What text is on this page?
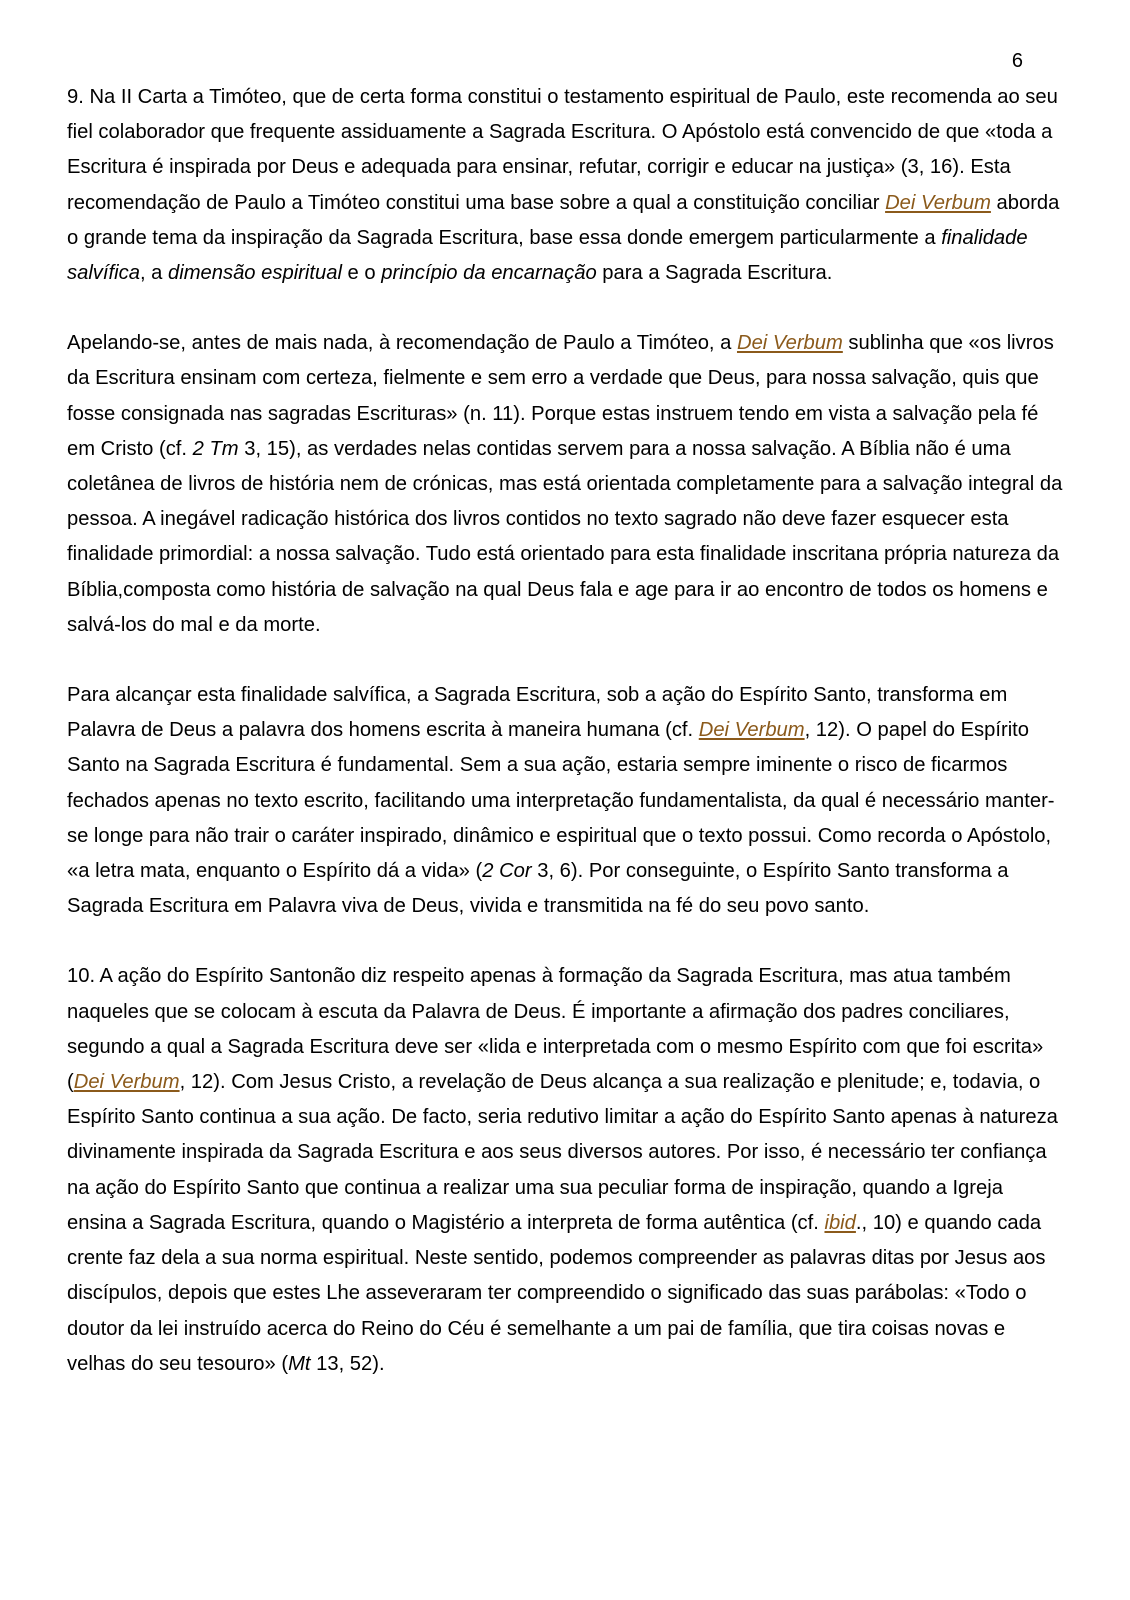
6

9. Na II Carta a Timóteo, que de certa forma constitui o testamento espiritual de Paulo, este recomenda ao seu fiel colaborador que frequente assiduamente a Sagrada Escritura. O Apóstolo está convencido de que «toda a Escritura é inspirada por Deus e adequada para ensinar, refutar, corrigir e educar na justiça» (3, 16). Esta recomendação de Paulo a Timóteo constitui uma base sobre a qual a constituição conciliar Dei Verbum aborda o grande tema da inspiração da Sagrada Escritura, base essa donde emergem particularmente a finalidade salvífica, a dimensão espiritual e o princípio da encarnação para a Sagrada Escritura.

Apelando-se, antes de mais nada, à recomendação de Paulo a Timóteo, a Dei Verbum sublinha que «os livros da Escritura ensinam com certeza, fielmente e sem erro a verdade que Deus, para nossa salvação, quis que fosse consignada nas sagradas Escrituras» (n. 11). Porque estas instruem tendo em vista a salvação pela fé em Cristo (cf. 2 Tm 3, 15), as verdades nelas contidas servem para a nossa salvação. A Bíblia não é uma coletânea de livros de história nem de crónicas, mas está orientada completamente para a salvação integral da pessoa. A inegável radicação histórica dos livros contidos no texto sagrado não deve fazer esquecer esta finalidade primordial: a nossa salvação. Tudo está orientado para esta finalidade inscritana própria natureza da Bíblia,composta como história de salvação na qual Deus fala e age para ir ao encontro de todos os homens e salvá-los do mal e da morte.

Para alcançar esta finalidade salvífica, a Sagrada Escritura, sob a ação do Espírito Santo, transforma em Palavra de Deus a palavra dos homens escrita à maneira humana (cf. Dei Verbum, 12). O papel do Espírito Santo na Sagrada Escritura é fundamental. Sem a sua ação, estaria sempre iminente o risco de ficarmos fechados apenas no texto escrito, facilitando uma interpretação fundamentalista, da qual é necessário manter-se longe para não trair o caráter inspirado, dinâmico e espiritual que o texto possui. Como recorda o Apóstolo, «a letra mata, enquanto o Espírito dá a vida» (2 Cor 3, 6). Por conseguinte, o Espírito Santo transforma a Sagrada Escritura em Palavra viva de Deus, vivida e transmitida na fé do seu povo santo.

10. A ação do Espírito Santonão diz respeito apenas à formação da Sagrada Escritura, mas atua também naqueles que se colocam à escuta da Palavra de Deus. É importante a afirmação dos padres conciliares, segundo a qual a Sagrada Escritura deve ser «lida e interpretada com o mesmo Espírito com que foi escrita» (Dei Verbum, 12). Com Jesus Cristo, a revelação de Deus alcança a sua realização e plenitude; e, todavia, o Espírito Santo continua a sua ação. De facto, seria redutivo limitar a ação do Espírito Santo apenas à natureza divinamente inspirada da Sagrada Escritura e aos seus diversos autores. Por isso, é necessário ter confiança na ação do Espírito Santo que continua a realizar uma sua peculiar forma de inspiração, quando a Igreja ensina a Sagrada Escritura, quando o Magistério a interpreta de forma autêntica (cf. ibid., 10) e quando cada crente faz dela a sua norma espiritual. Neste sentido, podemos compreender as palavras ditas por Jesus aos discípulos, depois que estes Lhe asseveraram ter compreendido o significado das suas parábolas: «Todo o doutor da lei instruído acerca do Reino do Céu é semelhante a um pai de família, que tira coisas novas e velhas do seu tesouro» (Mt 13, 52).
